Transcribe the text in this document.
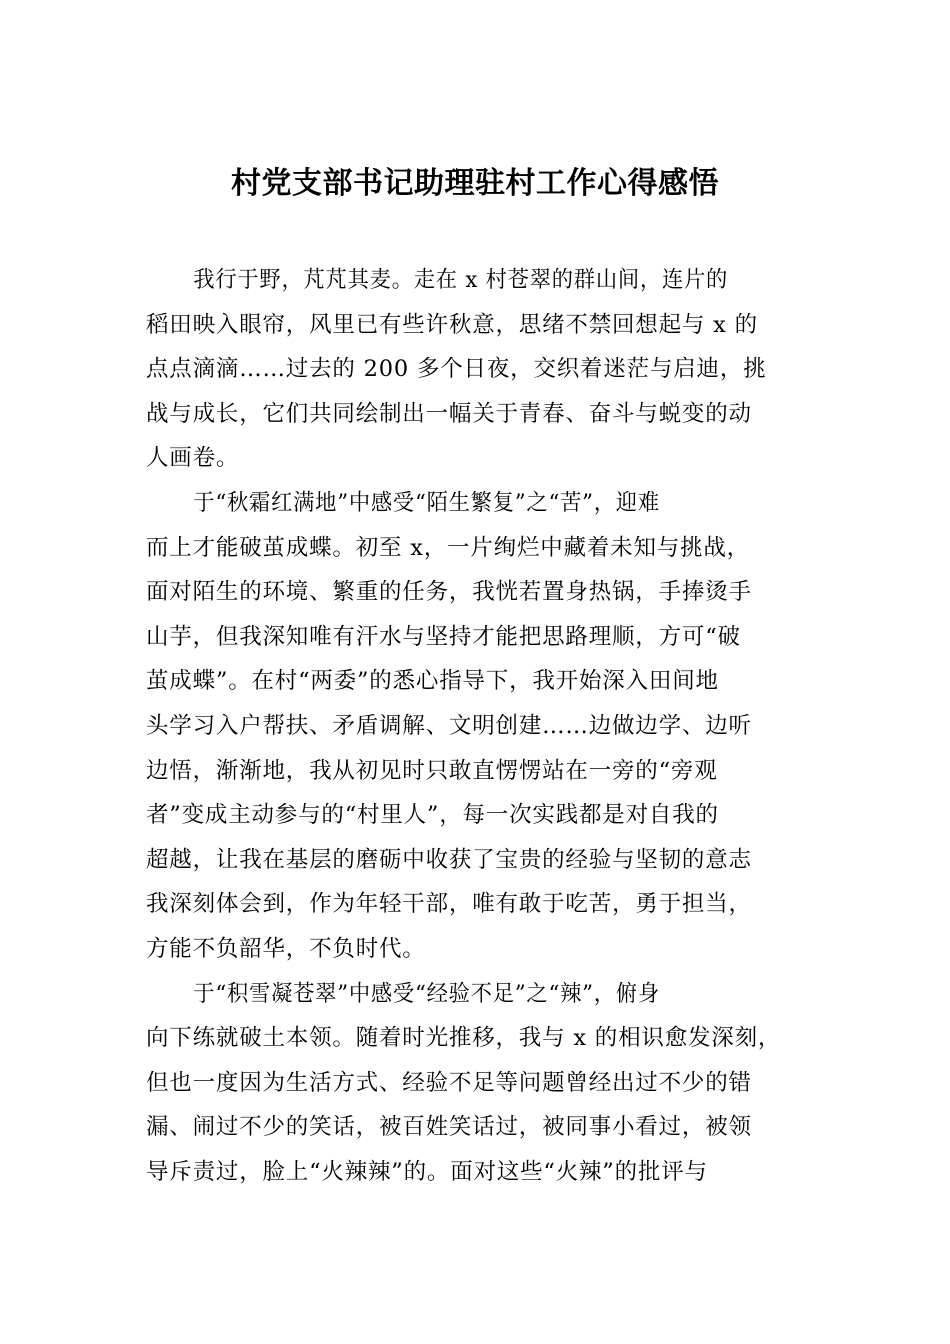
村党支部书记助理驻村工作心得感悟
我行于野，芃芃其麦。走在 x 村苍翠的群山间，连片的
稻田映入眼帘，风里已有些许秋意，思绪不禁回想起与 x 的
点点滴滴……过去的 200 多个日夜，交织着迷茫与启迪，挑
战与成长，它们共同绘制出一幅关于青春、奋斗与蜕变的动
人画卷。
于“秋霜红满地”中感受“陌生繁复”之“苦”，迎难
而上才能破茧成蝶。初至 x，一片绚烂中藏着未知与挑战，
面对陌生的环境、繁重的任务，我恍若置身热锅，手捧烫手
山芋，但我深知唯有汗水与坚持才能把思路理顺，方可“破
茧成蝶”。在村“两委”的悉心指导下，我开始深入田间地
头学习入户帮扶、矛盾调解、文明创建……边做边学、边听
边悟，渐渐地，我从初见时只敢直愣愣站在一旁的“旁观
者”变成主动参与的“村里人”，每一次实践都是对自我的
超越，让我在基层的磨砺中收获了宝贵的经验与坚韧的意志
我深刻体会到，作为年轻干部，唯有敢于吃苦，勇于担当，
方能不负韶华，不负时代。
于“积雪凝苍翠”中感受“经验不足”之“辣”，俯身
向下练就破土本领。随着时光推移，我与 x 的相识愈发深刻，
但也一度因为生活方式、经验不足等问题曾经出过不少的错
漏、闹过不少的笑话，被百姓笑话过，被同事小看过，被领
导斥责过，脸上“火辣辣”的。面对这些“火辣”的批评与
